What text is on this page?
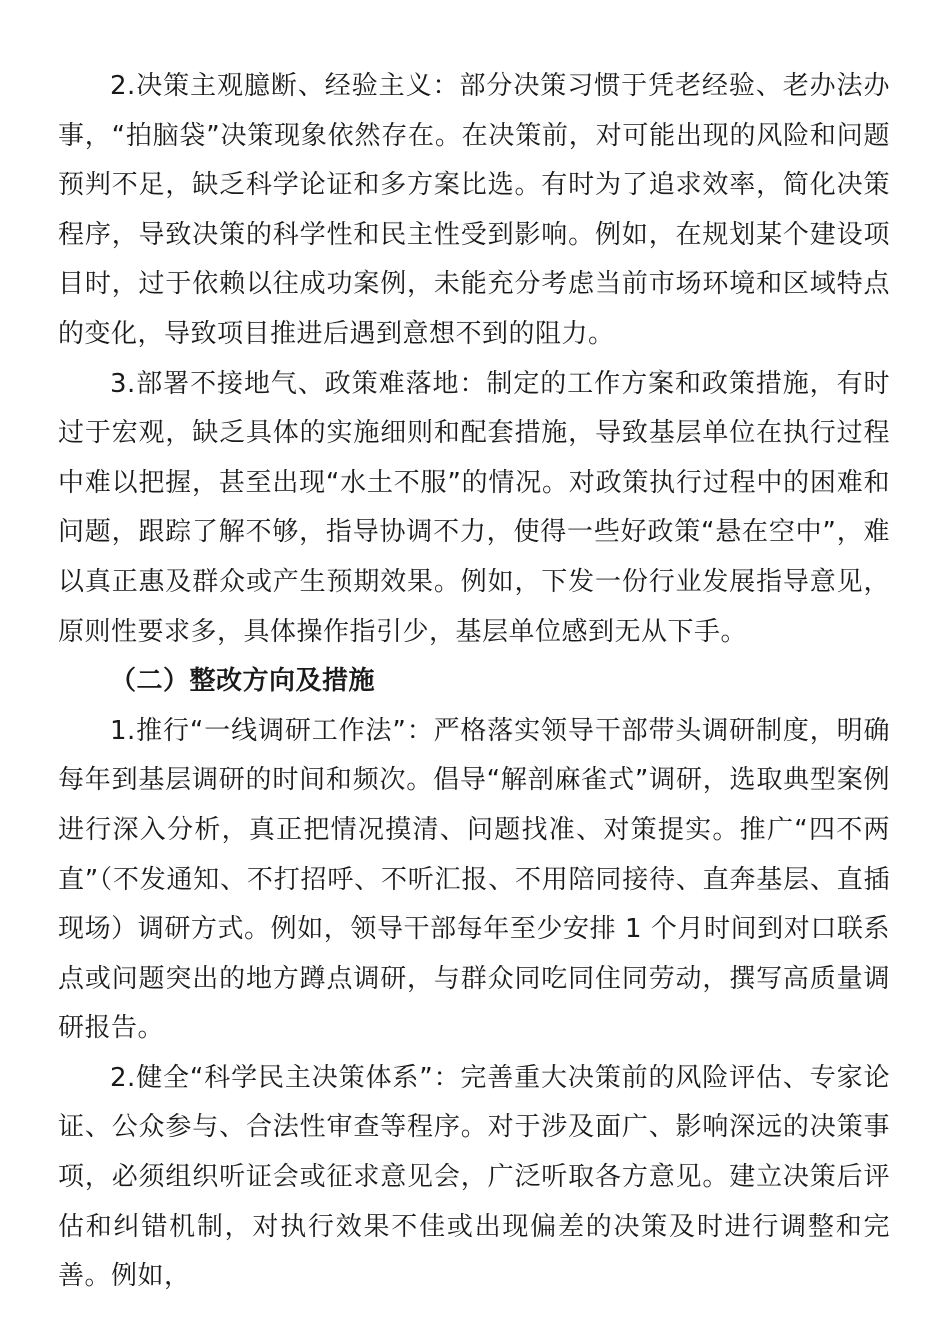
2.决策主观臆断、经验主义：部分决策习惯于凭老经验、老办法办事，“拍脑袋”决策现象依然存在。在决策前，对可能出现的风险和问题预判不足，缺乏科学论证和多方案比选。有时为了追求效率，简化决策程序，导致决策的科学性和民主性受到影响。例如，在规划某个建设项目时，过于依赖以往成功案例，未能充分考虑当前市场环境和区域特点的变化，导致项目推进后遇到意想不到的阻力。

3.部署不接地气、政策难落地：制定的工作方案和政策措施，有时过于宏观，缺乏具体的实施细则和配套措施，导致基层单位在执行过程中难以把握，甚至出现“水土不服”的情况。对政策执行过程中的困难和问题，跟踪了解不够，指导协调不力，使得一些好政策“悬在空中”，难以真正惠及群众或产生预期效果。例如，下发一份行业发展指导意见，原则性要求多，具体操作指引少，基层单位感到无从下手。

（二）整改方向及措施

1.推行“一线调研工作法”：严格落实领导干部带头调研制度，明确每年到基层调研的时间和频次。倡导“解剖麻雀式”调研，选取典型案例进行深入分析，真正把情况摸清、问题找准、对策提实。推广“四不两直”（不发通知、不打招呼、不听汇报、不用陪同接待、直奔基层、直插现场）调研方式。例如，领导干部每年至少安排 1 个月时间到对口联系点或问题突出的地方蹲点调研，与群众同吃同住同劳动，撰写高质量调研报告。

2.健全“科学民主决策体系”：完善重大决策前的风险评估、专家论证、公众参与、合法性审查等程序。对于涉及面广、影响深远的决策事项，必须组织听证会或征求意见会，广泛听取各方意见。建立决策后评估和纠错机制，对执行效果不佳或出现偏差的决策及时进行调整和完善。例如，
